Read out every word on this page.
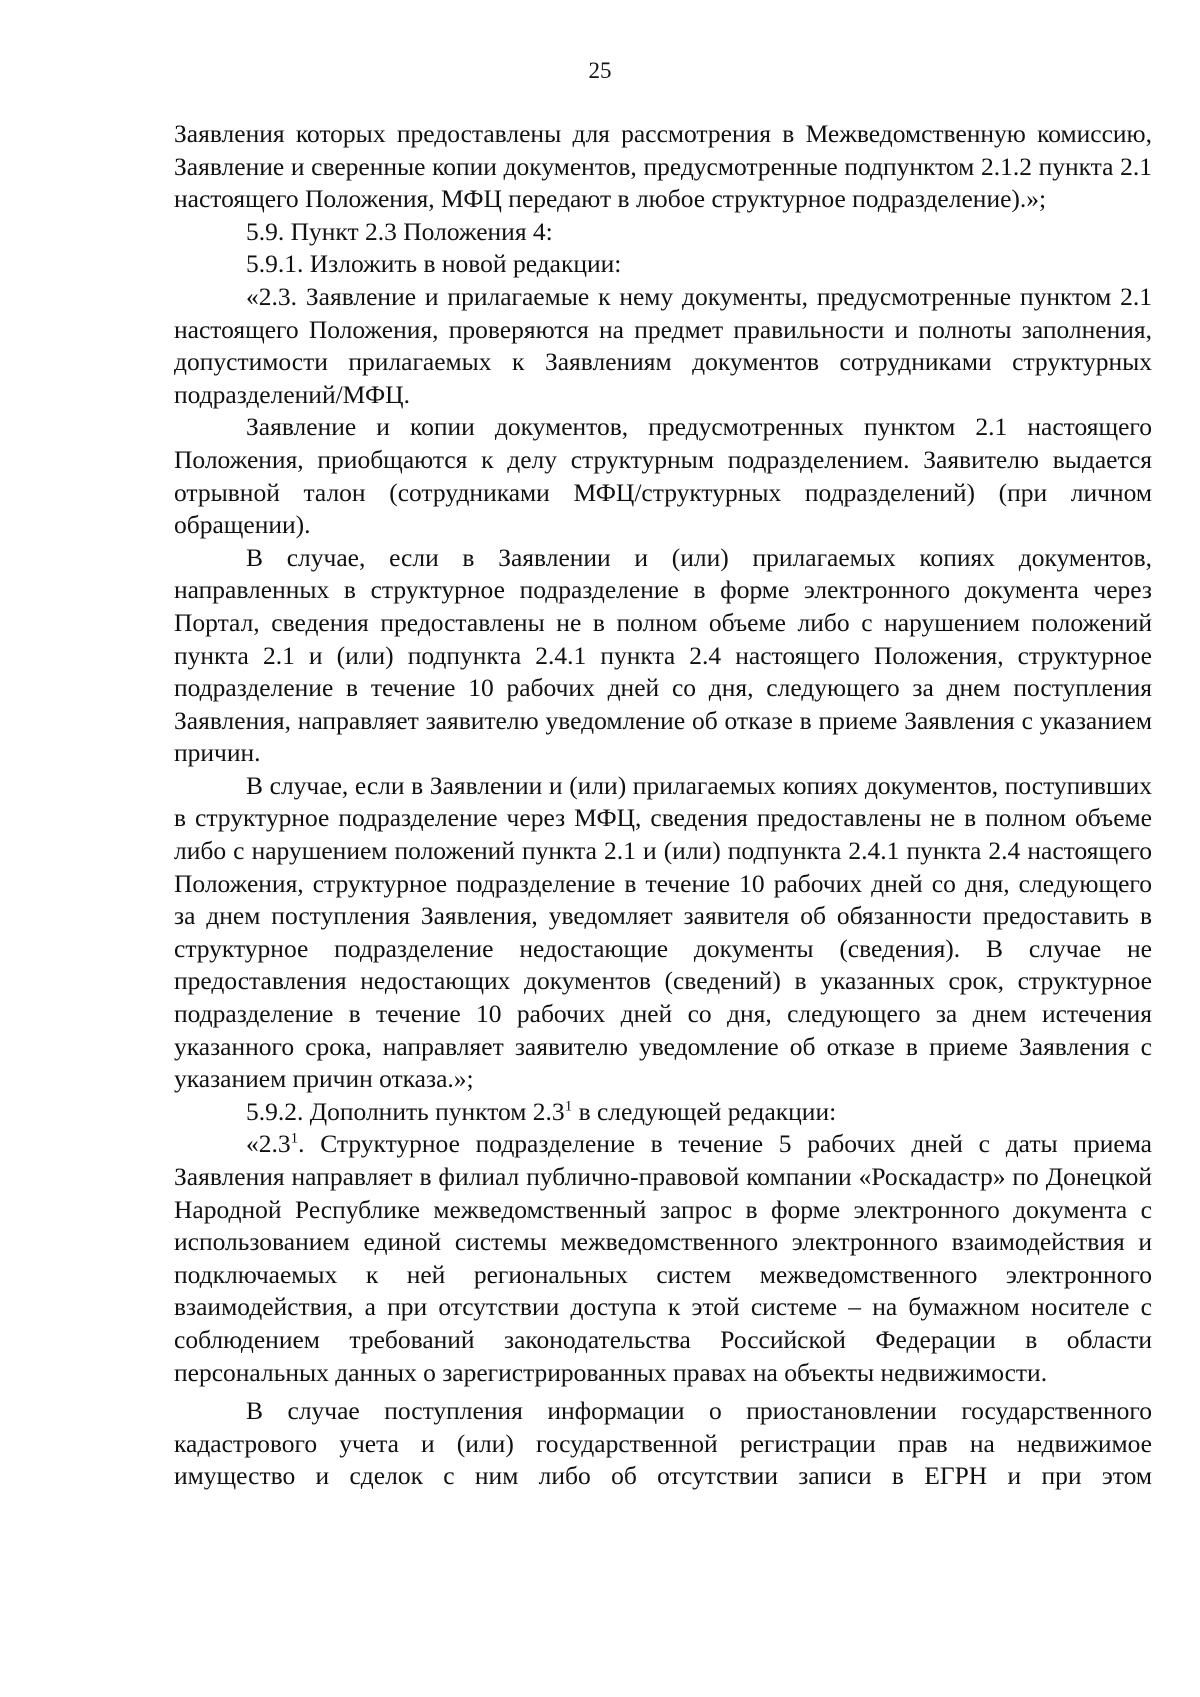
25

Заявления которых предоставлены для рассмотрения в Межведомственную комиссию, Заявление и сверенные копии документов, предусмотренные подпунктом 2.1.2 пункта 2.1 настоящего Положения, МФЦ передают в любое структурное подразделение).»;

5.9. Пункт 2.3 Положения 4:

5.9.1. Изложить в новой редакции:

«2.3. Заявление и прилагаемые к нему документы, предусмотренные пунктом 2.1 настоящего Положения, проверяются на предмет правильности и полноты заполнения, допустимости прилагаемых к Заявлениям документов сотрудниками структурных подразделений/МФЦ.

Заявление и копии документов, предусмотренных пунктом 2.1 настоящего Положения, приобщаются к делу структурным подразделением. Заявителю выдается отрывной талон (сотрудниками МФЦ/структурных подразделений) (при личном обращении).

В случае, если в Заявлении и (или) прилагаемых копиях документов, направленных в структурное подразделение в форме электронного документа через Портал, сведения предоставлены не в полном объеме либо с нарушением положений пункта 2.1 и (или) подпункта 2.4.1 пункта 2.4 настоящего Положения, структурное подразделение в течение 10 рабочих дней со дня, следующего за днем поступления Заявления, направляет заявителю уведомление об отказе в приеме Заявления с указанием причин.

В случае, если в Заявлении и (или) прилагаемых копиях документов, поступивших в структурное подразделение через МФЦ, сведения предоставлены не в полном объеме либо с нарушением положений пункта 2.1 и (или) подпункта 2.4.1 пункта 2.4 настоящего Положения, структурное подразделение в течение 10 рабочих дней со дня, следующего за днем поступления Заявления, уведомляет заявителя об обязанности предоставить в структурное подразделение недостающие документы (сведения). В случае не предоставления недостающих документов (сведений) в указанных срок, структурное подразделение в течение 10 рабочих дней со дня, следующего за днем истечения указанного срока, направляет заявителю уведомление об отказе в приеме Заявления с указанием причин отказа.»;

5.9.2. Дополнить пунктом $2.3^1$ в следующей редакции:

«$2.3^1$. Структурное подразделение в течение 5 рабочих дней с даты приема Заявления направляет в филиал публично-правовой компании «Роскадастр» по Донецкой Народной Республике межведомственный запрос в форме электронного документа с использованием единой системы межведомственного электронного взаимодействия и подключаемых к ней региональных систем межведомственного электронного взаимодействия, а при отсутствии доступа к этой системе – на бумажном носителе с соблюдением требований законодательства Российской Федерации в области персональных данных о зарегистрированных правах на объекты недвижимости.

В случае поступления информации о приостановлении государственного кадастрового учета и (или) государственной регистрации прав на недвижимое имущество и сделок с ним либо об отсутствии записи в ЕГРН и при этом
